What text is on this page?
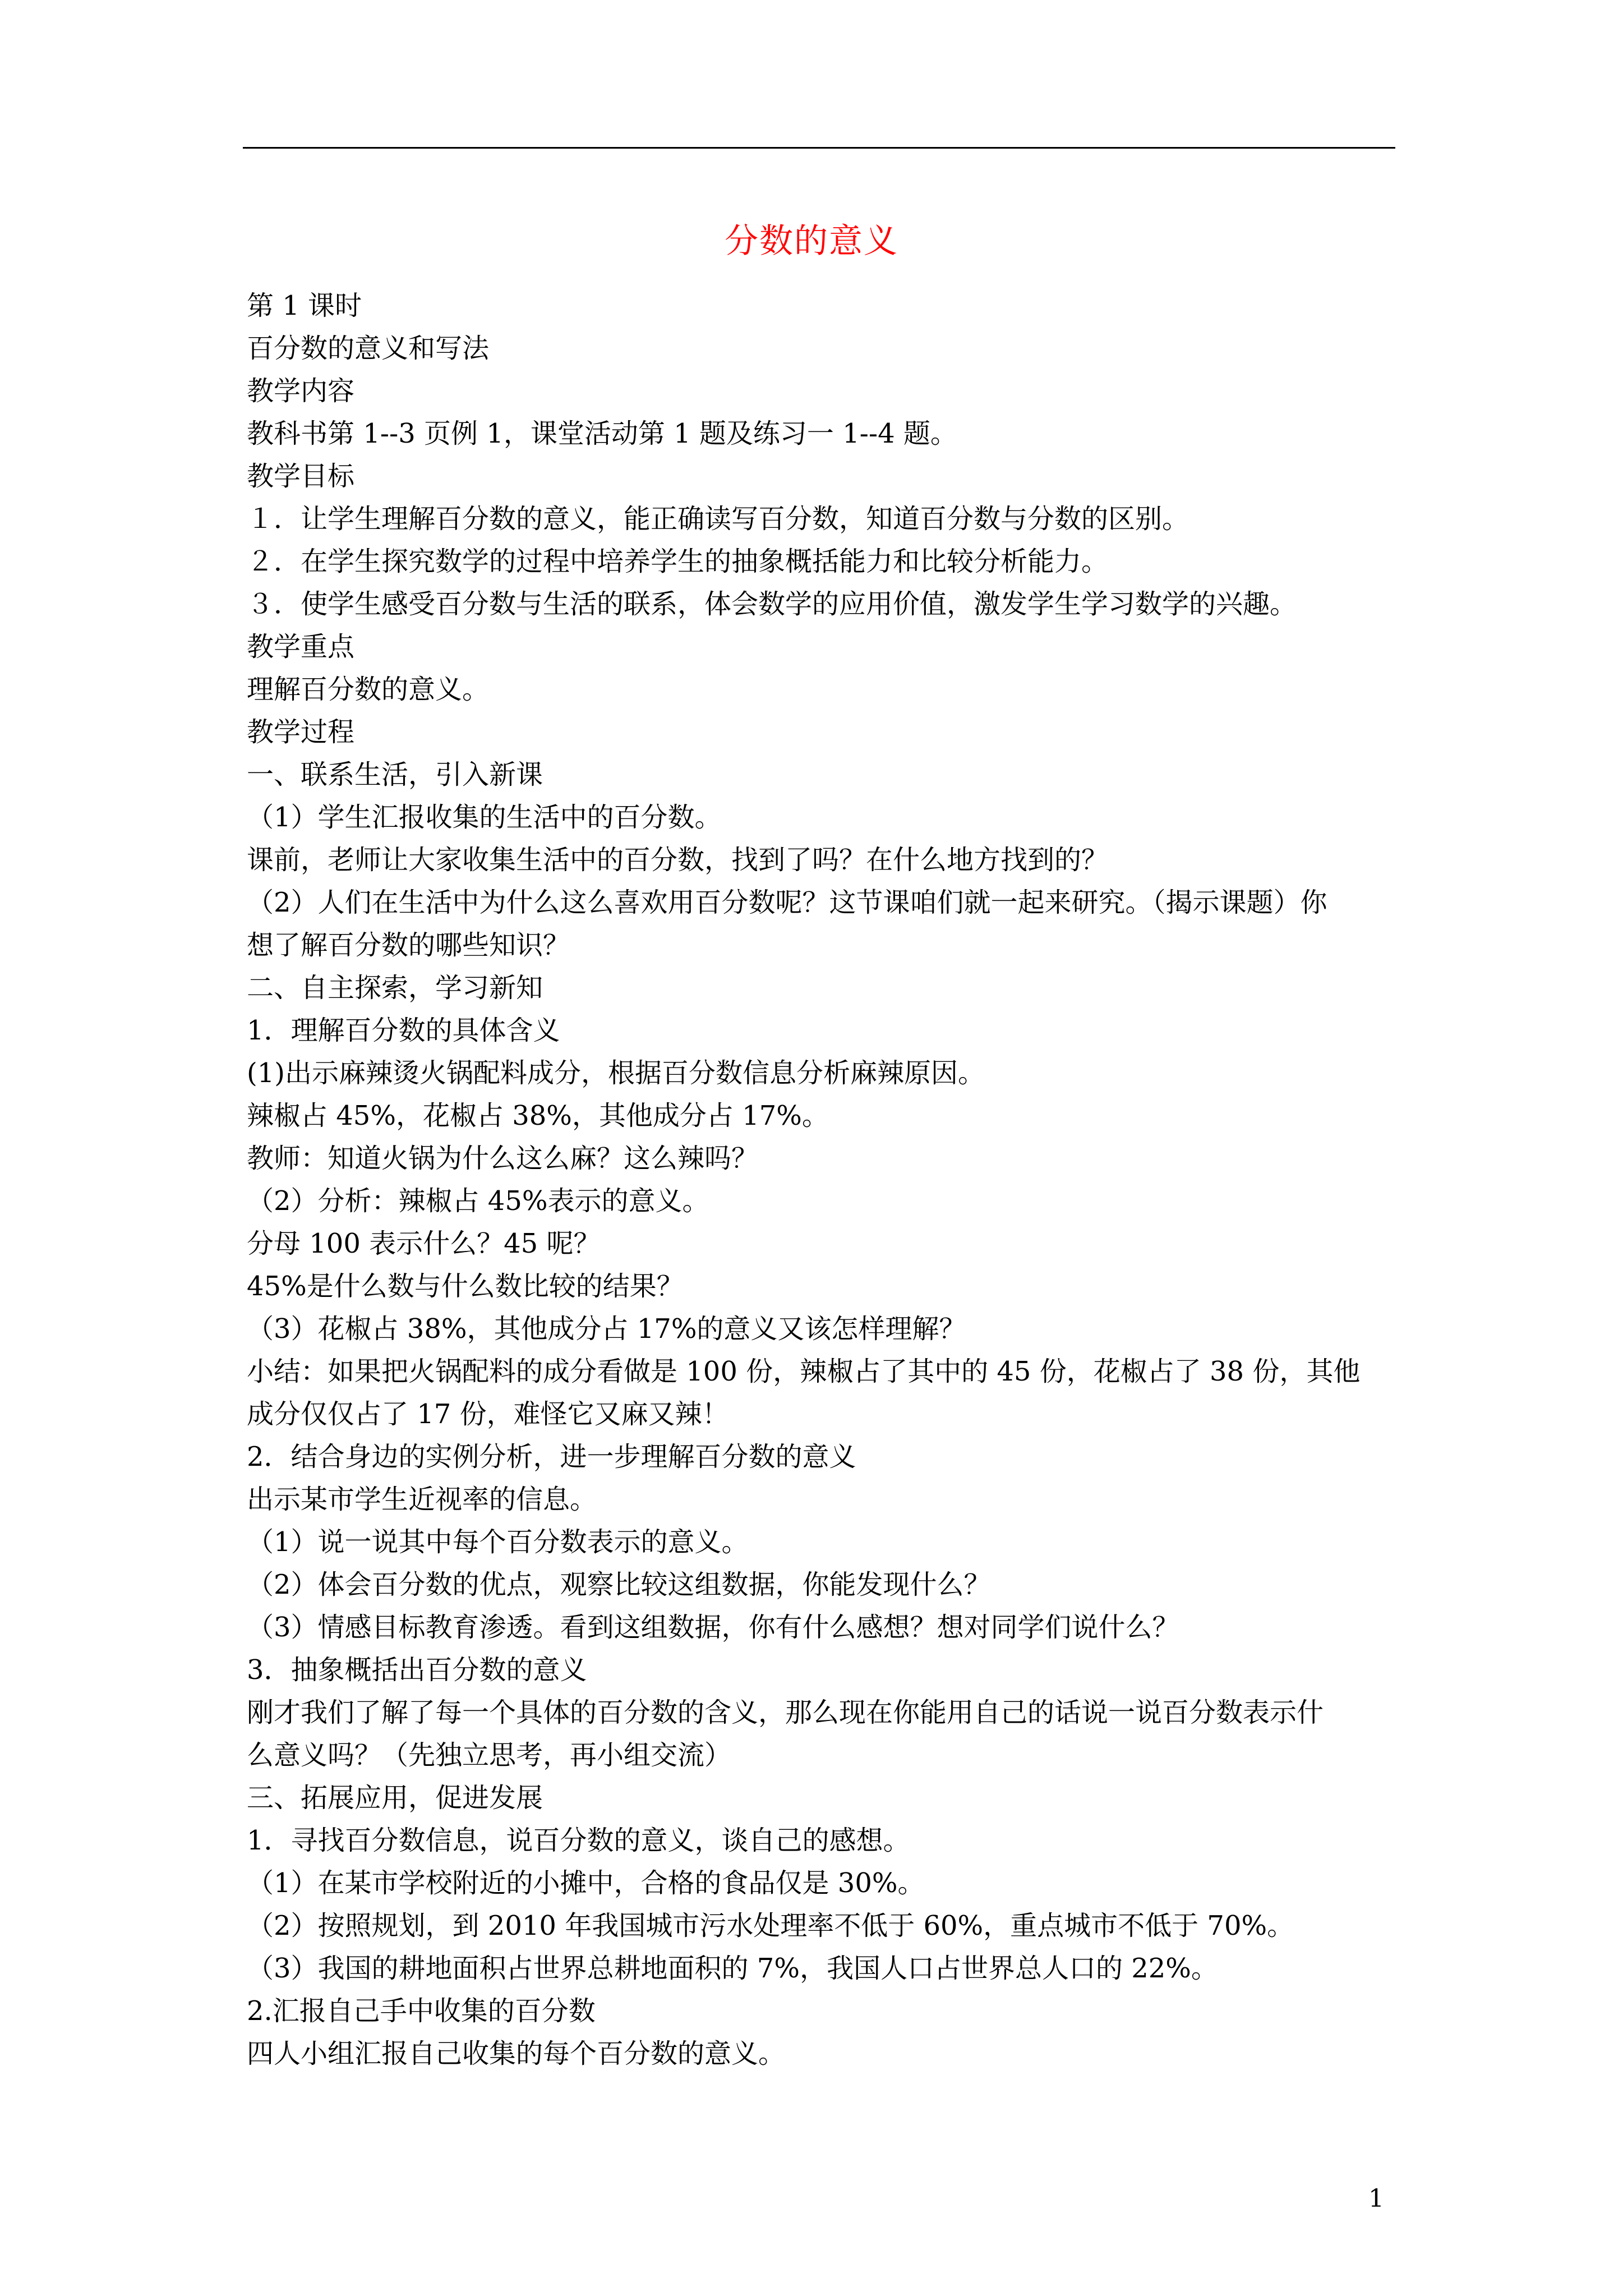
分数的意义
第 1 课时
百分数的意义和写法
教学内容
教科书第 1--3 页例 1，课堂活动第 1 题及练习一 1--4 题。
教学目标
１．让学生理解百分数的意义，能正确读写百分数，知道百分数与分数的区别。
２．在学生探究数学的过程中培养学生的抽象概括能力和比较分析能力。
３．使学生感受百分数与生活的联系，体会数学的应用价值，激发学生学习数学的兴趣。
教学重点
理解百分数的意义。
教学过程
一、联系生活，引入新课
（1）学生汇报收集的生活中的百分数。
课前，老师让大家收集生活中的百分数，找到了吗？在什么地方找到的？
（2）人们在生活中为什么这么喜欢用百分数呢？这节课咱们就一起来研究。（揭示课题）你
想了解百分数的哪些知识？
二、自主探索，学习新知
1．理解百分数的具体含义
(1)出示麻辣烫火锅配料成分，根据百分数信息分析麻辣原因。
辣椒占 45%，花椒占 38%，其他成分占 17%。
教师：知道火锅为什么这么麻？这么辣吗？
（2）分析：辣椒占 45%表示的意义。
分母 100 表示什么？45 呢？
45%是什么数与什么数比较的结果？
（3）花椒占 38%，其他成分占 17%的意义又该怎样理解？
小结：如果把火锅配料的成分看做是 100 份，辣椒占了其中的 45 份，花椒占了 38 份，其他
成分仅仅占了 17 份，难怪它又麻又辣！
2．结合身边的实例分析，进一步理解百分数的意义
出示某市学生近视率的信息。
（1）说一说其中每个百分数表示的意义。
（2）体会百分数的优点，观察比较这组数据，你能发现什么？
（3）情感目标教育渗透。看到这组数据，你有什么感想？想对同学们说什么？
3．抽象概括出百分数的意义
刚才我们了解了每一个具体的百分数的含义，那么现在你能用自己的话说一说百分数表示什
么意义吗？（先独立思考，再小组交流）
三、拓展应用，促进发展
1．寻找百分数信息，说百分数的意义，谈自己的感想。
（1）在某市学校附近的小摊中，合格的食品仅是 30%。
（2）按照规划，到 2010 年我国城市污水处理率不低于 60%，重点城市不低于 70%。
（3）我国的耕地面积占世界总耕地面积的 7%，我国人口占世界总人口的 22%。
2.汇报自己手中收集的百分数
四人小组汇报自己收集的每个百分数的意义。
1
